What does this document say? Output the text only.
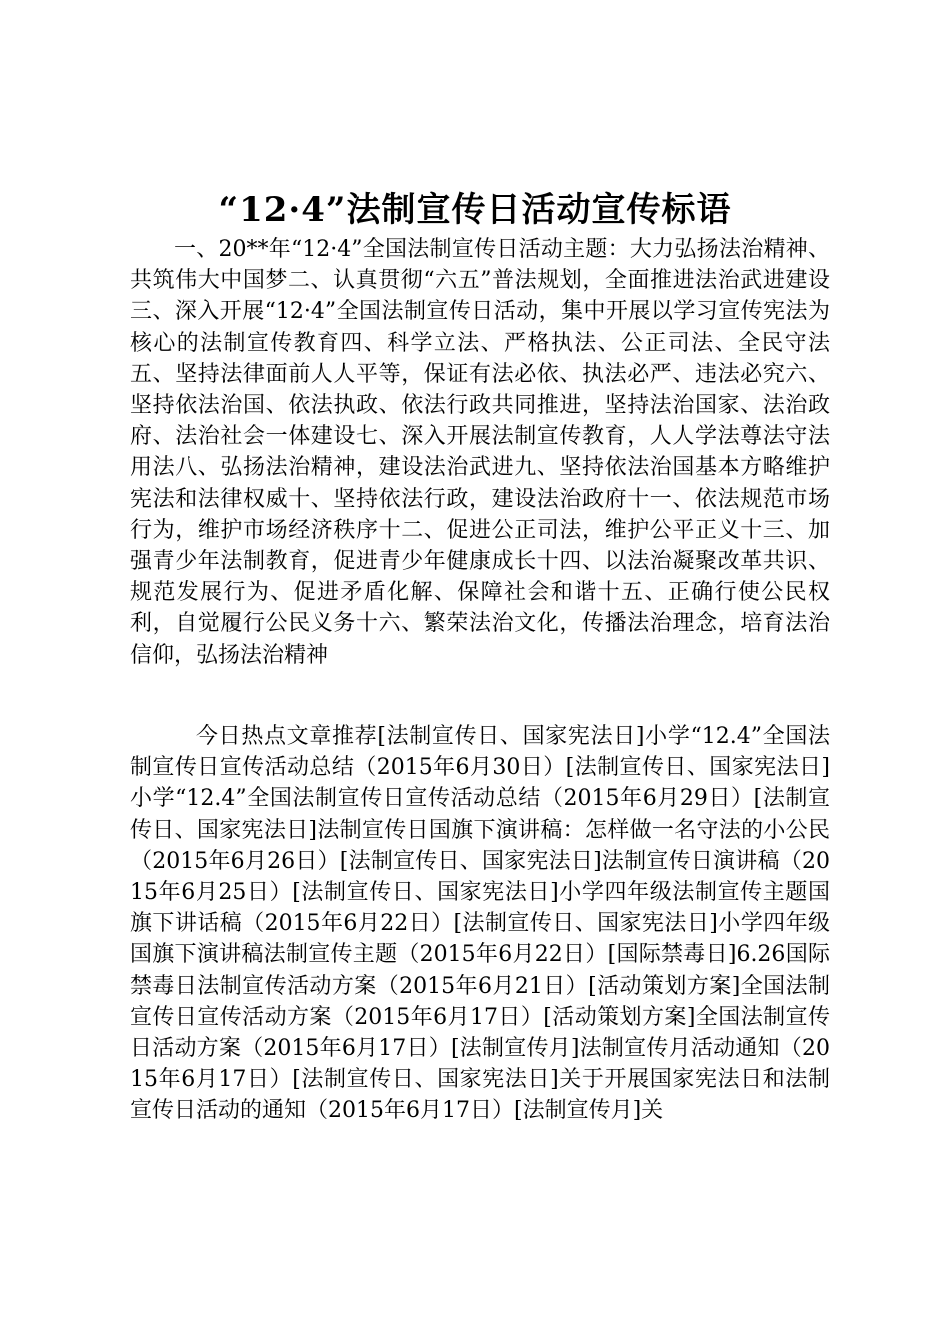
“12·4”法制宣传日活动宣传标语

一、20**年“12·4”全国法制宣传日活动主题：大力弘扬法治精神、共筑伟大中国梦二、认真贯彻“六五”普法规划，全面推进法治武进建设三、深入开展“12·4”全国法制宣传日活动，集中开展以学习宣传宪法为核心的法制宣传教育四、科学立法、严格执法、公正司法、全民守法五、坚持法律面前人人平等，保证有法必依、执法必严、违法必究六、坚持依法治国、依法执政、依法行政共同推进，坚持法治国家、法治政府、法治社会一体建设七、深入开展法制宣传教育，人人学法尊法守法用法八、弘扬法治精神，建设法治武进九、坚持依法治国基本方略维护宪法和法律权威十、坚持依法行政，建设法治政府十一、依法规范市场行为，维护市场经济秩序十二、促进公正司法，维护公平正义十三、加强青少年法制教育，促进青少年健康成长十四、以法治凝聚改革共识、规范发展行为、促进矛盾化解、保障社会和谐十五、正确行使公民权利，自觉履行公民义务十六、繁荣法治文化，传播法治理念，培育法治信仰，弘扬法治精神

今日热点文章推荐[法制宣传日、国家宪法日]小学“12.4”全国法制宣传日宣传活动总结（2015年6月30日）[法制宣传日、国家宪法日]小学“12.4”全国法制宣传日宣传活动总结（2015年6月29日）[法制宣传日、国家宪法日]法制宣传日国旗下演讲稿：怎样做一名守法的小公民（2015年6月26日）[法制宣传日、国家宪法日]法制宣传日演讲稿（2015年6月25日）[法制宣传日、国家宪法日]小学四年级法制宣传主题国旗下讲话稿（2015年6月22日）[法制宣传日、国家宪法日]小学四年级国旗下演讲稿法制宣传主题（2015年6月22日）[国际禁毒日]6.26国际禁毒日法制宣传活动方案（2015年6月21日）[活动策划方案]全国法制宣传日宣传活动方案（2015年6月17日）[活动策划方案]全国法制宣传日活动方案（2015年6月17日）[法制宣传月]法制宣传月活动通知（2015年6月17日）[法制宣传日、国家宪法日]关于开展国家宪法日和法制宣传日活动的通知（2015年6月17日）[法制宣传月]关
